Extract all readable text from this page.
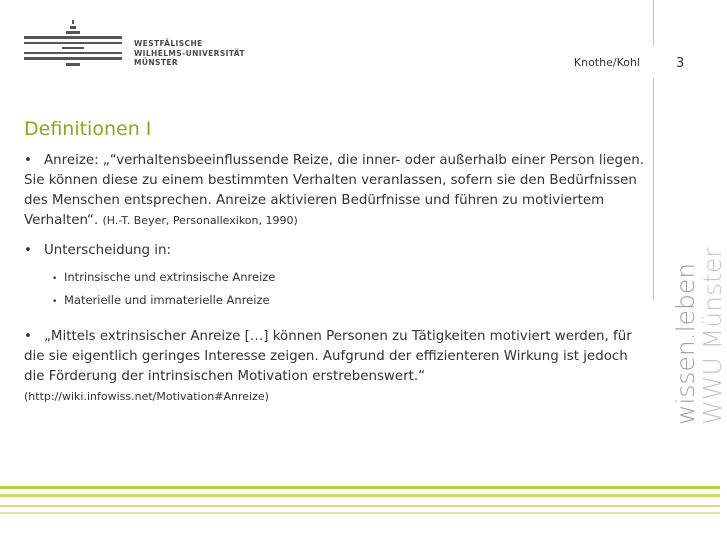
WESTFÄLISCHE
WILHELMS-UNIVERSITÄT
MÜNSTER	Knothe/Kohl	3
wissen.leben
WWU Münster
Definitionen I

• Anreize: „“verhaltensbeeinflussende Reize, die inner- oder außerhalb einer Person liegen. Sie können diese zu einem bestimmten Verhalten veranlassen, sofern sie den Bedürfnissen des Menschen entsprechen. Anreize aktivieren Bedürfnisse und führen zu motiviertem Verhalten“. (H.-T. Beyer, Personallexikon, 1990)

• Unterscheidung in:

• Intrinsische und extrinsische Anreize
• Materielle und immaterielle Anreize

• „Mittels extrinsischer Anreize […] können Personen zu Tätigkeiten motiviert werden, für die sie eigentlich geringes Interesse zeigen. Aufgrund der effizienteren Wirkung ist jedoch die Förderung der intrinsischen Motivation erstrebenswert.“

(http://wiki.infowiss.net/Motivation#Anreize)
